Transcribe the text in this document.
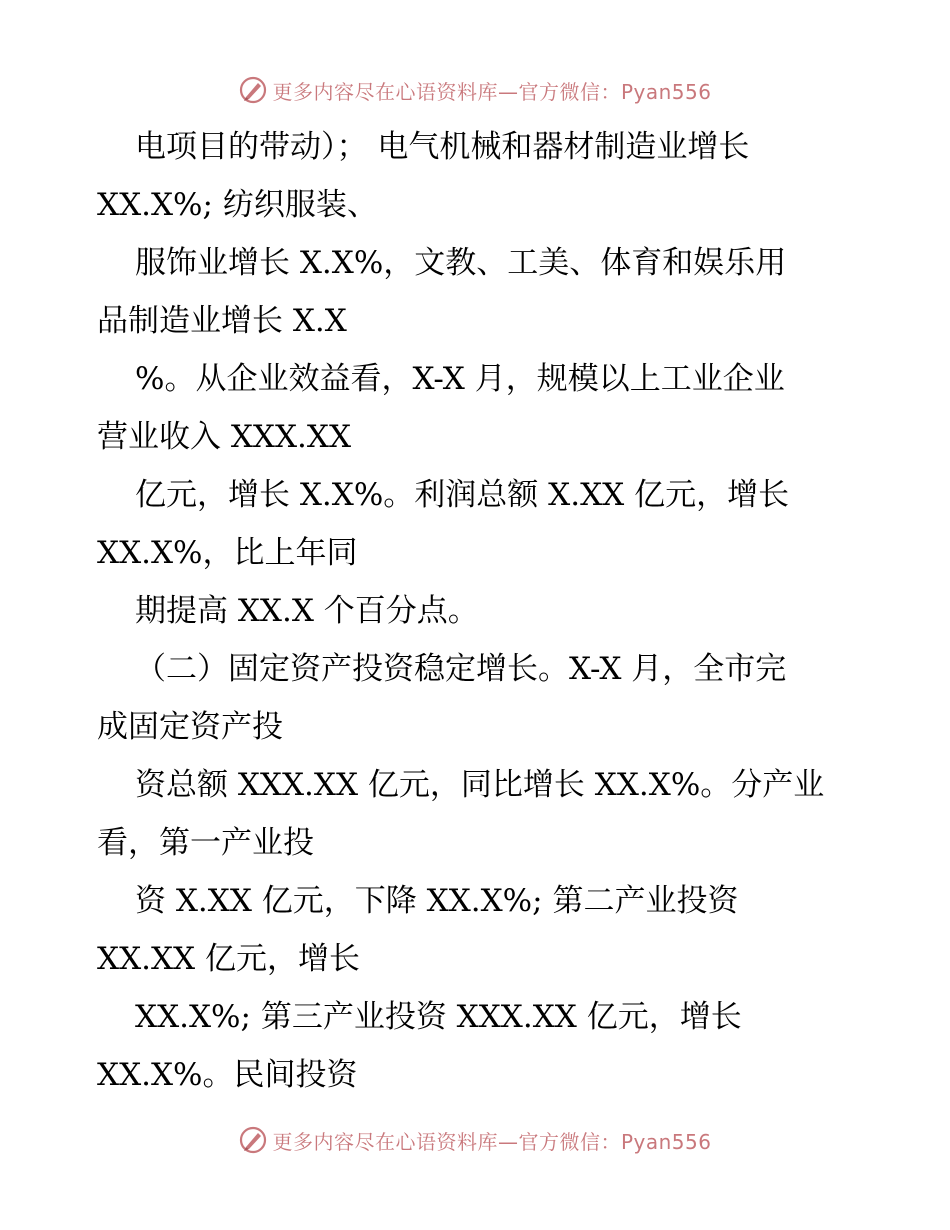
更多内容尽在心语资料库—官方微信：Pyan556
电项目的带动）； 电气机械和器材制造业增长
XX.X%; 纺织服装、
服饰业增长 X.X%，文教、工美、体育和娱乐用
品制造业增长 X.X
%。从企业效益看，X-X 月，规模以上工业企业
营业收入 XXX.XX
亿元，增长 X.X%。利润总额 X.XX 亿元，增长
XX.X%，比上年同
期提高 XX.X 个百分点。
（二）固定资产投资稳定增长。X-X 月，全市完
成固定资产投
资总额 XXX.XX 亿元，同比增长 XX.X%。分产业
看，第一产业投
资 X.XX 亿元，下降 XX.X%; 第二产业投资
XX.XX 亿元，增长
XX.X%; 第三产业投资 XXX.XX 亿元，增长
XX.X%。民间投资
更多内容尽在心语资料库—官方微信：Pyan556
